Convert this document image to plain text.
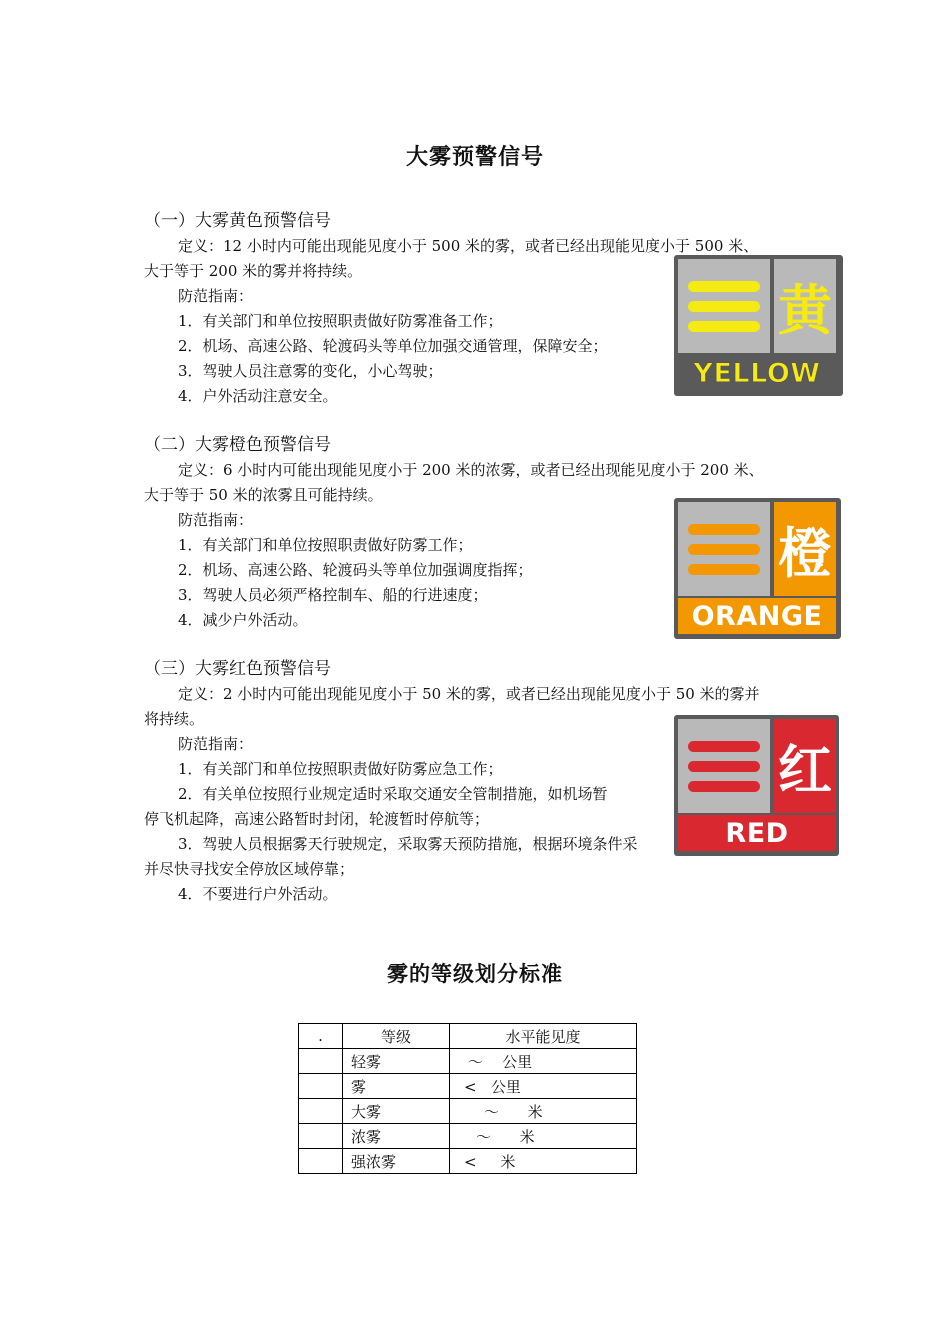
大雾预警信号
（一）大雾黄色预警信号
定义：12 小时内可能出现能见度小于 500 米的雾，或者已经出现能见度小于 500 米、
大于等于 200 米的雾并将持续。
防范指南：
1．有关部门和单位按照职责做好防雾准备工作；
2．机场、高速公路、轮渡码头等单位加强交通管理，保障安全；
3．驾驶人员注意雾的变化，小心驾驶；
4．户外活动注意安全。
（二）大雾橙色预警信号
定义：6 小时内可能出现能见度小于 200 米的浓雾，或者已经出现能见度小于 200 米、
大于等于 50 米的浓雾且可能持续。
防范指南：
1．有关部门和单位按照职责做好防雾工作；
2．机场、高速公路、轮渡码头等单位加强调度指挥；
3．驾驶人员必须严格控制车、船的行进速度；
4．减少户外活动。
（三）大雾红色预警信号
定义：2 小时内可能出现能见度小于 50 米的雾，或者已经出现能见度小于 50 米的雾并
将持续。
防范指南：
1．有关部门和单位按照职责做好防雾应急工作；
2．有关单位按照行业规定适时采取交通安全管制措施，如机场暂
停飞机起降，高速公路暂时封闭，轮渡暂时停航等；
3．驾驶人员根据雾天行驶规定，采取雾天预防措施，根据环境条件采
并尽快寻找安全停放区域停靠；
4．不要进行户外活动。
黄
YELLOW
橙
ORANGE
红
RED
雾的等级划分标准
.	等级	水平能见度
	轻雾	～    公里
	雾	<   公里
	大雾	～      米
	浓雾	～      米
	强浓雾	<     米
